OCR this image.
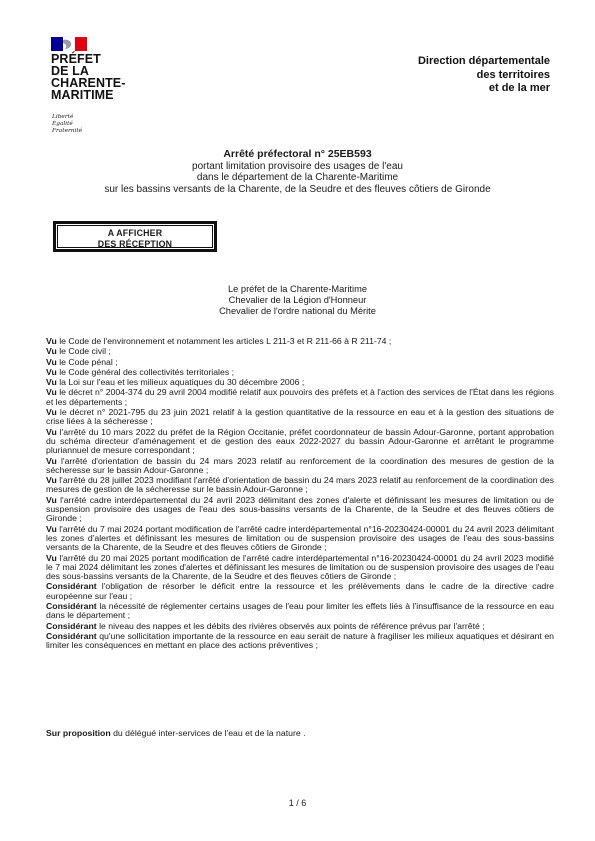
PRÉFET
DE LA
CHARENTE-
MARITIME
Liberté
Égalité
Fraternité
Direction départementale
des territoires
et de la mer
Arrêté préfectoral n° 25EB593
portant limitation provisoire des usages de l'eau
dans le département de la Charente-Maritime
sur les bassins versants de la Charente, de la Seudre et des fleuves côtiers de Gironde
A AFFICHER
DES RÉCEPTION
Le préfet de la Charente-Maritime
Chevalier de la Légion d'Honneur
Chevalier de l'ordre national du Mérite
Vu le Code de l'environnement et notamment les articles L 211-3 et R 211-66 à R 211-74 ;
Vu le Code civil ;
Vu le Code pénal ;
Vu le Code général des collectivités territoriales ;
Vu la Loi sur l'eau et les milieux aquatiques du 30 décembre 2006 ;
Vu le décret n° 2004-374 du 29 avril 2004 modifié relatif aux pouvoirs des préfets et à l'action des services de l'État dans les régions et les départements ;
Vu le décret n° 2021-795 du 23 juin 2021 relatif à la gestion quantitative de la ressource en eau et à la gestion des situations de crise liées à la sécheresse ;
Vu l'arrêté du 10 mars 2022 du préfet de la Région Occitanie, préfet coordonnateur de bassin Adour-Garonne, portant approbation du schéma directeur d'aménagement et de gestion des eaux 2022-2027 du bassin Adour-Garonne et arrêtant le programme pluriannuel de mesure correspondant ;
Vu l'arrêté d'orientation de bassin du 24 mars 2023 relatif au renforcement de la coordination des mesures de gestion de la sécheresse sur le bassin Adour-Garonne ;
Vu l'arrêté du 28 juillet 2023 modifiant l'arrêté d'orientation de bassin du 24 mars 2023 relatif au renforcement de la coordination des mesures de gestion de la sécheresse sur le bassin Adour-Garonne ;
Vu l'arrêté cadre interdépartemental du 24 avril 2023 délimitant des zones d'alerte et définissant les mesures de limitation ou de suspension provisoire des usages de l'eau des sous-bassins versants de la Charente, de la Seudre et des fleuves côtiers de Gironde ;
Vu l'arrêté du 7 mai 2024 portant modification de l'arrêté cadre interdépartemental n°16-20230424-00001 du 24 avril 2023 délimitant les zones d'alertes et définissant les mesures de limitation ou de suspension provisoire des usages de l'eau des sous-bassins versants de la Charente, de la Seudre et des fleuves côtiers de Gironde ;
Vu l'arrêté du 20 mai 2025 portant modification de l'arrêté cadre interdépartemental n°16-20230424-00001 du 24 avril 2023 modifié le 7 mai 2024 délimitant les zones d'alertes et définissant les mesures de limitation ou de suspension provisoire des usages de l'eau des sous-bassins versants de la Charente, de la Seudre et des fleuves côtiers de Gironde ;
Considérant l'obligation de résorber le déficit entre la ressource et les prélèvements dans le cadre de la directive cadre européenne sur l'eau ;
Considérant la nécessité de réglementer certains usages de l'eau pour limiter les effets liés à l'insuffisance de la ressource en eau dans le département ;
Considérant le niveau des nappes et les débits des rivières observés aux points de référence prévus par l'arrêté ;
Considérant qu'une sollicitation importante de la ressource en eau serait de nature à fragiliser les milieux aquatiques et désirant en limiter les conséquences en mettant en place des actions préventives ;
Sur proposition du délégué inter-services de l'eau et de la nature .
1 / 6
